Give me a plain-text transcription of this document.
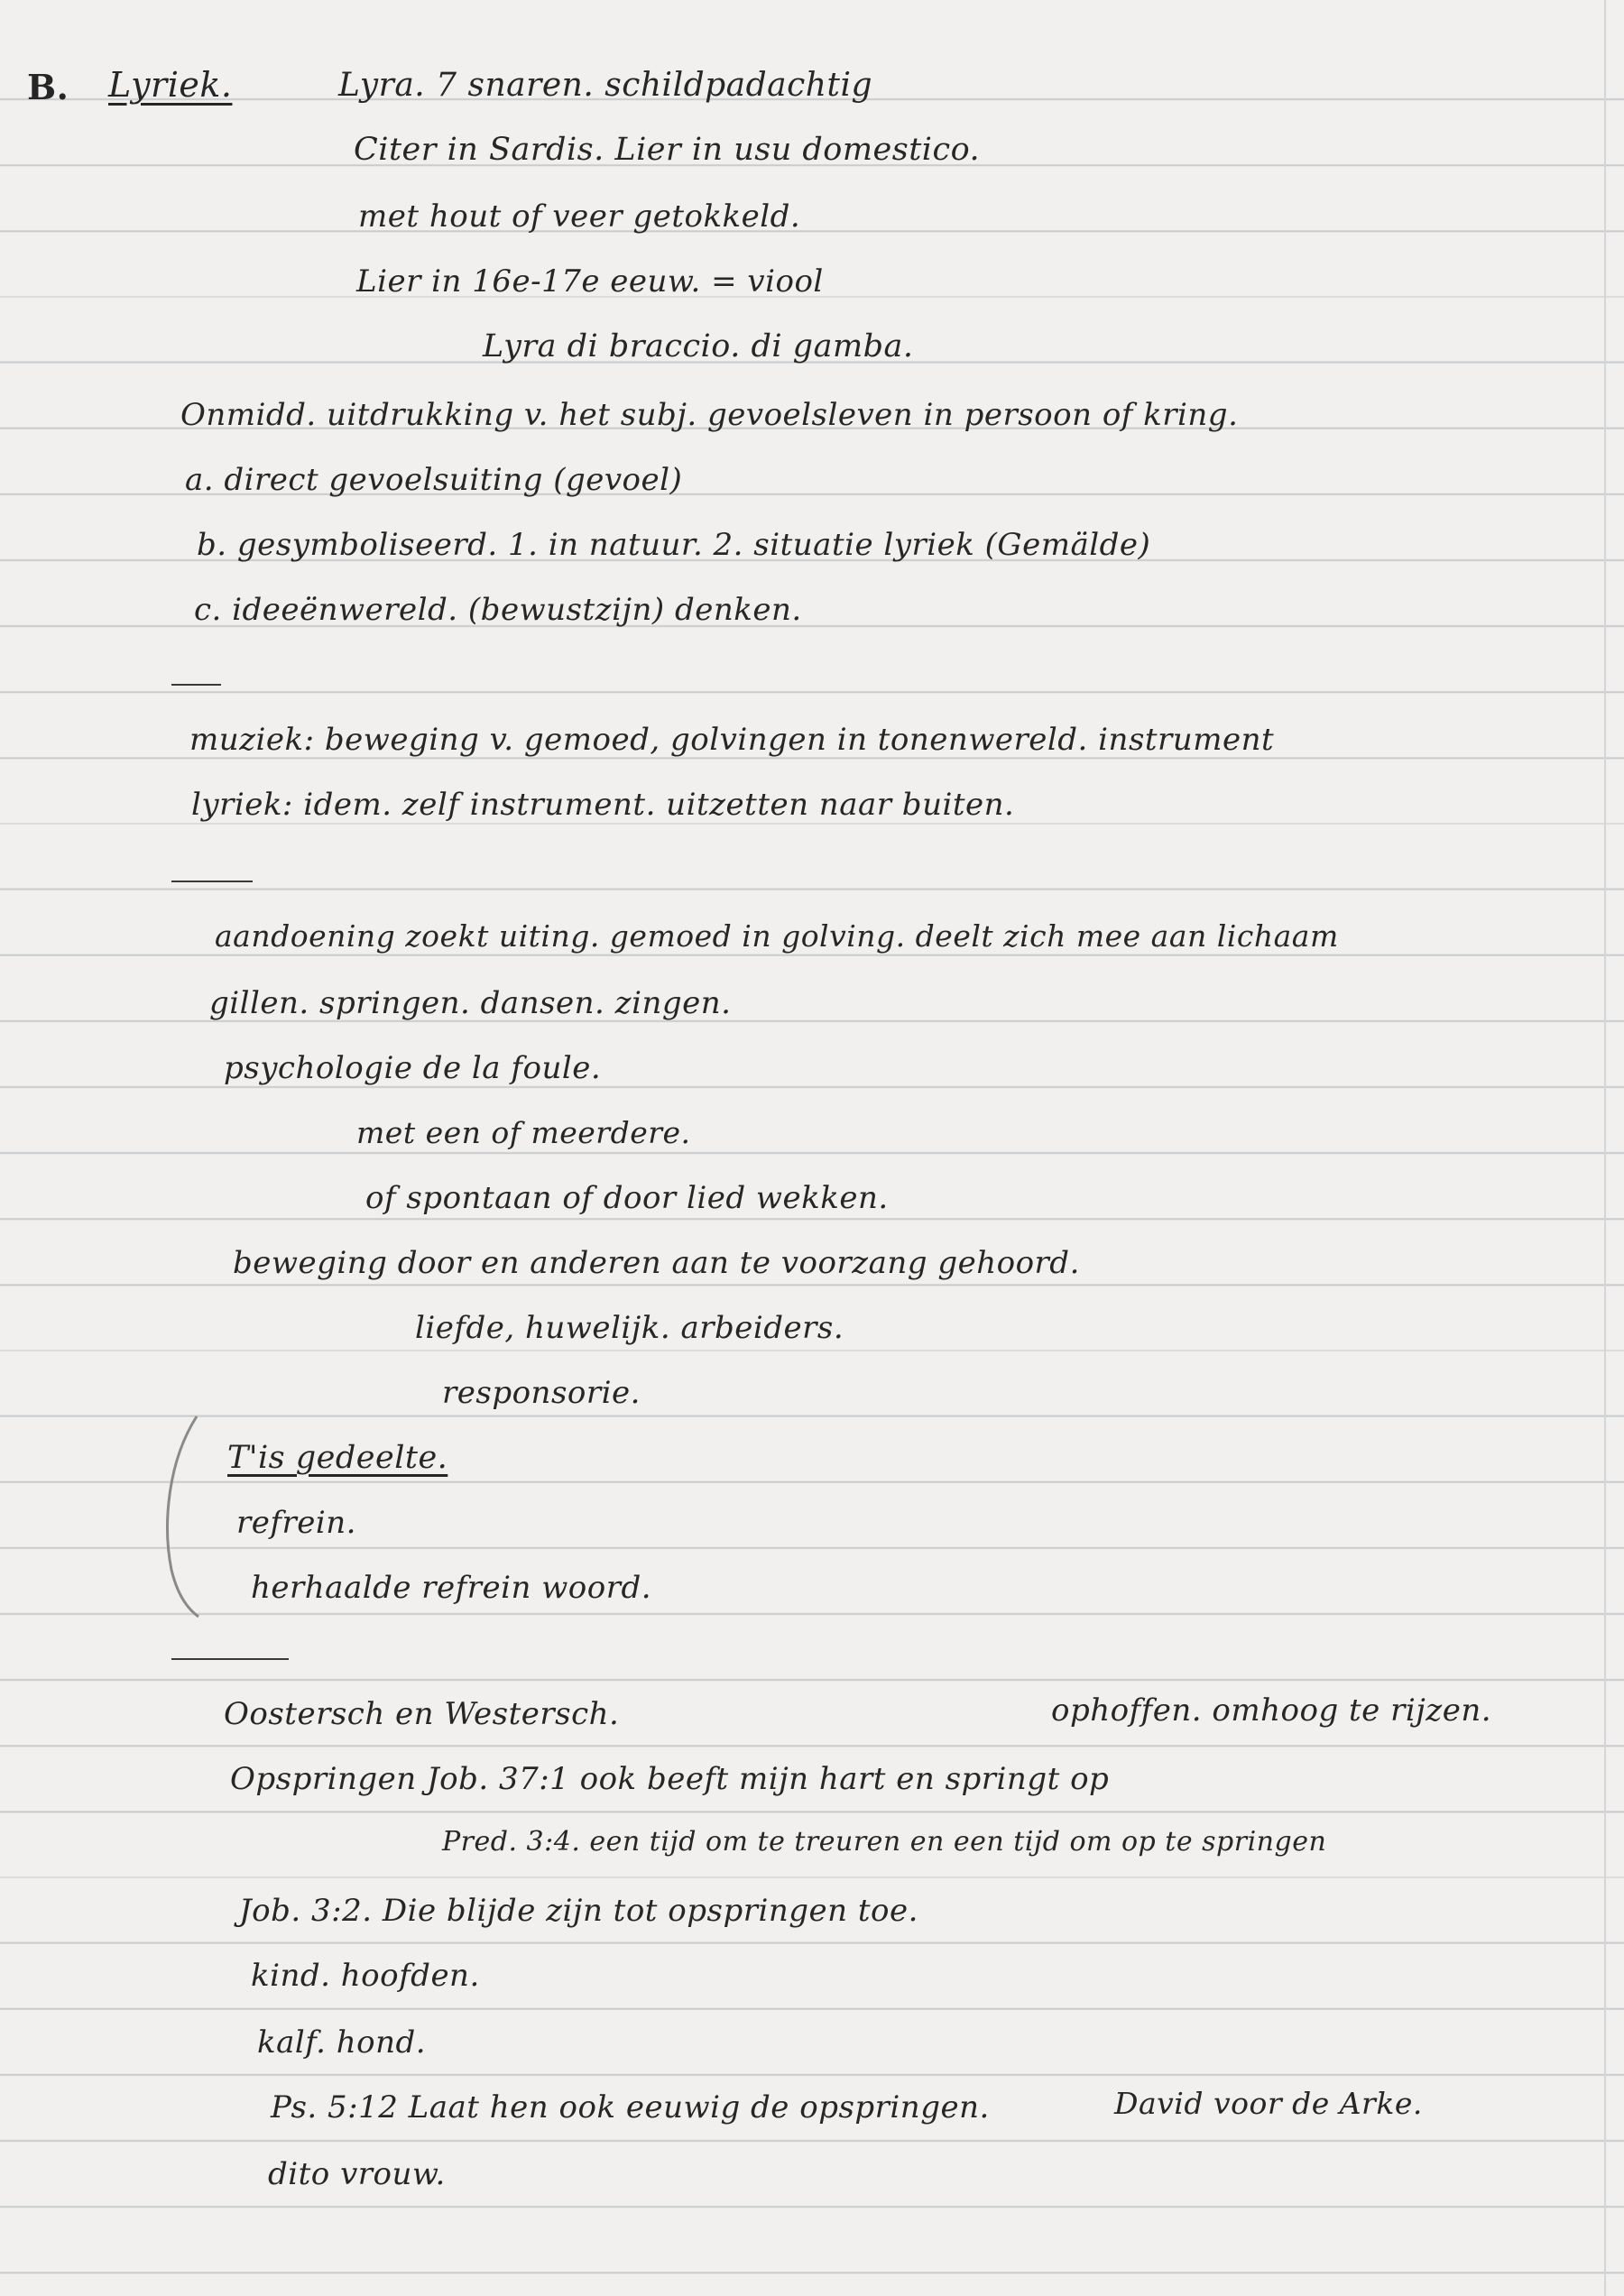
B. Lyriek.	Lyra. 7 snaren. schildpadachtig
Citer in Sardis. Lier in usu domestico.
met hout of veer getokkeld.
Lier in 16e-17e eeuw. = viool
Lyra di braccio. di gamba.
Onmidd. uitdrukking v. het subj. gevoelsleven in persoon of kring.
a. direct gevoelsuiting (gevoel)
b. gesymboliseerd. 1. in natuur. 2. situatie lyriek (Gemälde)
c. ideeënwereld. (bewustzijn) denken.
muziek: beweging v. gemoed, golvingen in tonenwereld. instrument
lyriek: idem. zelf instrument. uitzetten naar buiten.
aandoening zoekt uiting. gemoed in golving. deelt zich mee aan lichaam
gillen. springen. dansen. zingen.
psychologie de la foule.
met een of meerdere.
of spontaan of door lied wekken.
beweging door en anderen aan te voorzang gehoord.
liefde, huwelijk. arbeiders.
responsorie.
T'is gedeelte.
refrein.
herhaalde refrein woord.
Oostersch en Westersch.	ophoffen. omhoog te rijzen.
Opspringen Job. 37:1 ook beeft mijn hart en springt op
Pred. 3:4. een tijd om te treuren en een tijd om op te springen
Job. 3:2. Die blijde zijn tot opspringen toe.
kind. hoofden.
kalf. hond.
Ps. 5:12 Laat hen ook eeuwig de opspringen.	David voor de Arke.
dito vrouw.
